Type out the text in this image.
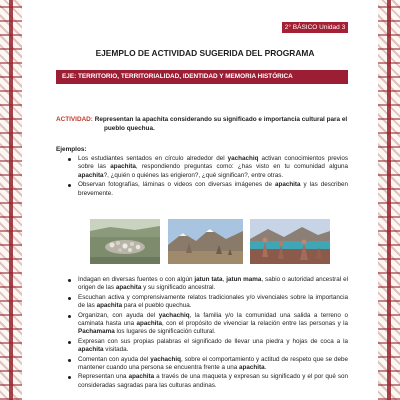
2° BÁSICO Unidad 3
EJEMPLO DE ACTIVIDAD SUGERIDA DEL PROGRAMA
EJE: TERRITORIO, TERRITORIALIDAD, IDENTIDAD Y MEMORIA HISTÓRICA
ACTIVIDAD: Representan la apachita considerando su significado e importancia cultural para el
pueblo quechua.
Ejemplos:
Los estudiantes sentados en círculo alrededor del yachachiq activan conocimientos previos sobre las apachita, respondiendo preguntas como: ¿has visto en tu comunidad alguna apachita?, ¿quién o quiénes las erigieron?, ¿qué significan?, entre otras.
Observan fotografías, láminas o videos con diversas imágenes de apachita y las describen brevemente.
Indagan en diversas fuentes o con algún jatun tata, jatun mama, sabio o autoridad ancestral el origen de las apachita y su significado ancestral.
Escuchan activa y comprensivamente relatos tradicionales y/o vivenciales sobre la importancia de las apachita para el pueblo quechua.
Organizan, con ayuda del yachachiq, la familia y/o la comunidad una salida a terreno o caminata hasta una apachita, con el propósito de vivenciar la relación entre las personas y la Pachamama los lugares de significación cultural.
Expresan con sus propias palabras el significado de llevar una piedra y hojas de coca a la apachita visitada.
Comentan con ayuda del yachachiq, sobre el comportamiento y actitud de respeto que se debe mantener cuando una persona se encuentra frente a una apachita.
Representan una apachita a través de una maqueta y expresan su significado y el por qué son consideradas sagradas para las culturas andinas.
